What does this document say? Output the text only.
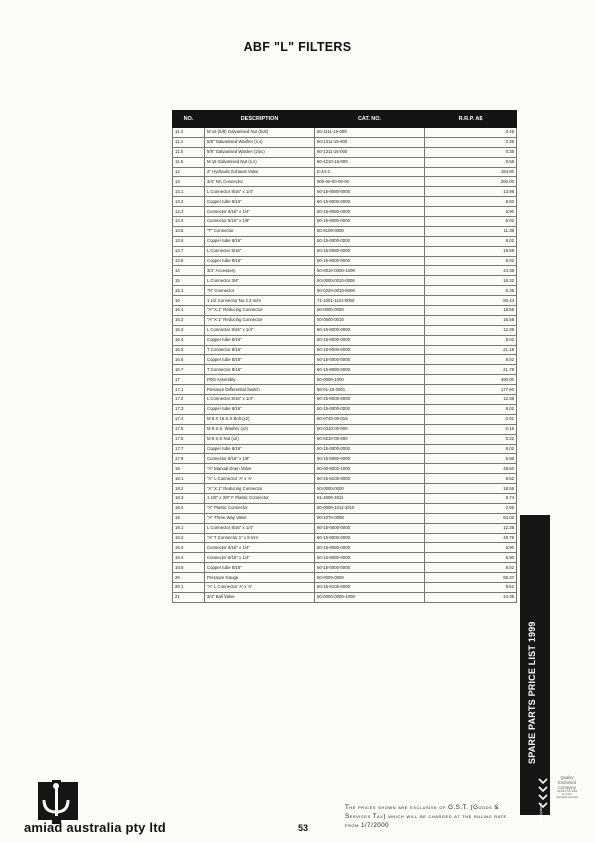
ABF "L" FILTERS
NO.	DESCRIPTION	CAT. NO.	R.R.P. A$
11.3	M 16 (5/8) Galvanised Nut (bolt)	60-1111-15-000	0.49
11.4	5/8" Galvanised Washer (s.s)	60-1311-15-000	0.35
11.5	5/8" Galvanised Washer (zinc)	60-1311-15-000	0.35
11.6	M 16 Galvanised Nut (s.s)	60-1210-15-000	0.58
12	2" Hydraulic Exhaust Valve	E-44-2	184.00
13	3/4" NC Connector	900-00-00-00-00	260.00
13.1	L Connector 8/16" x 1/4"	60-15-0080-0000	13.98
13.2	Copper tube 8/16"	60-15-0000-0000	8.02
13.3	Connector 8/16" x 1/4"	60-15-0080-0000	6.90
13.4	Connector 8/16" x 1/8"	60-15-0080-0000	6.02
13.5	"T" Connector	50-0109-0000	11.38
13.6	Copper tube 8/16"	60-15-0000-0000	8.02
13.7	L Connector 8/16"	60-15-0080-0000	19.58
13.8	Copper tube 8/16"	60-15-0000-0000	8.02
14	3/4" Accessory	50-0010-0000-1000	44.38
15	L Connector 3/4"	60-0000-0010-0000	16.32
15.1	"N" Connector	60-0220-0010-0000	6.35
16	1 1/2 Connector No 2.3 m/m	71-1001-1101-0000	80.44
16.1	"A" X 1" Reducing Connector	50-0000-0000	18.55
16.2	"A" X 1" Reducing Connector	50-0000-0010	16.58
16.3	L Connector 8/16" x 1/4"	60-15-0000-0000	12.38
16.4	Copper tube 8/16"	60-15-0000-0000	8.02
16.5	T Connector 8/16"	60-15-0000-0000	21.18
16.6	Copper tube 8/16"	60-15-0000-0000	8.02
16.7	T Connector 8/16"	60-15-0080-0000	21.78
17	PDS Assembly	50-0000-1000	490.00
17.1	Pressure Differential Switch	96-01-10-0001	177.60
17.2	L Connector 8/16" x 1/4"	60-15-0000-0000	12.38
17.3	Copper tube 8/16"	60-15-0000-0000	8.02
17.4	M 8 X 16 S.S Bolt (x2)	50-0740-00-015	0.91
17.5	M 8 S.S. Washer (x2)	60-0310-00-000	0.16
17.6	M 8 S.S Nut (x2)	60-0210-00-000	0.22
17.7	Copper tube 8/16"	60-15-0000-0000	8.02
17.8	Connector 8/16" x 1/8"	60-15-0080-0000	6.88
18	"A" Manual Drain Valve	50-00-0002-1000	48.50
18.1	"A" L Connector 'A' x 'A'	60-15-0105-0000	8.52
18.2	"A" X 1" Reducing Connector	50-0000-0000	18.55
18.3	1 1/8" x 3/8" F Plastic Connector	61-4000-4011	8.74
18.4	"A" Plastic Connector	60-0000-1011-1010	2.56
19	"A" Three Way Valve	90-1070-0008	84.02
19.1	L Connector 8/16" x 1/4"	60-15-0000-0000	12.38
19.2	"A" T Connector 1" x 8 mm	60-15-0000-0000	48.79
19.3	Connector 8/16" x 1/4"	60-15-0080-0000	6.90
19.4	Connector 8/16" x 1/4"	60-15-0080-0000	6.90
19.5	Copper tube 8/16"	60-15-0000-0000	8.02
20	Pressure Gauge	50-0000-0000	59.37
20.1	"A" L Connector 'A' x 'A'	60-15-0105-0000	8.52
21	3/4" Ball Valve	50-0000-0000-1000	44.38
SPARE PARTS PRICE LIST 1999
Quality System
Quality
Endorsed
Company
AS/NZS ISO 9002
Lic 1234
Standards Australia
amiad australia pty ltd	53
The prices shown are exclusive of G.S.T. (Goods & Services Tax) which will be charged at the ruling rate from 1/7/2000
